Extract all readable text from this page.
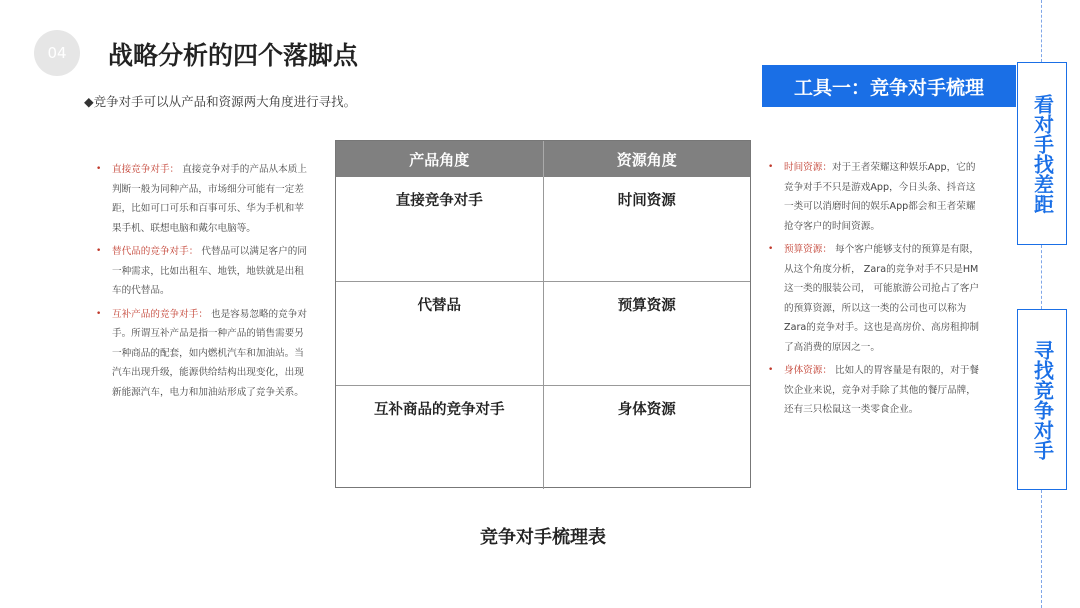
04	战略分析的四个落脚点
◆竞争对手可以从产品和资源两大角度进行寻找。
工具一：竞争对手梳理
看对手找差距
寻找竞争对手
• 直接竞争对手： 直接竞争对手的产品从本质上判断一般为同种产品，市场细分可能有一定差距，比如可口可乐和百事可乐、华为手机和苹果手机、联想电脑和戴尔电脑等。
• 替代品的竞争对手： 代替品可以满足客户的同一种需求，比如出租车、地铁，地铁就是出租车的代替品。
• 互补产品的竞争对手： 也是容易忽略的竞争对手。所谓互补产品是指一种产品的销售需要另一种商品的配套，如内燃机汽车和加油站。当汽车出现升级，能源供给结构出现变化，出现新能源汽车，电力和加油站形成了竞争关系。
产品角度	资源角度
直接竞争对手	时间资源
代替品	预算资源
互补商品的竞争对手	身体资源
竞争对手梳理表
• 时间资源：对于王者荣耀这种娱乐App，它的竞争对手不只是游戏App，今日头条、抖音这一类可以消磨时间的娱乐App都会和王者荣耀抢夺客户的时间资源。
• 预算资源： 每个客户能够支付的预算是有限，从这个角度分析， Zara的竞争对手不只是HM这一类的服装公司， 可能旅游公司抢占了客户的预算资源，所以这一类的公司也可以称为Zara的竞争对手。这也是高房价、高房租抑制了高消费的原因之一。
• 身体资源： 比如人的胃容量是有限的，对于餐饮企业来说，竞争对手除了其他的餐厅品牌，还有三只松鼠这一类零食企业。
